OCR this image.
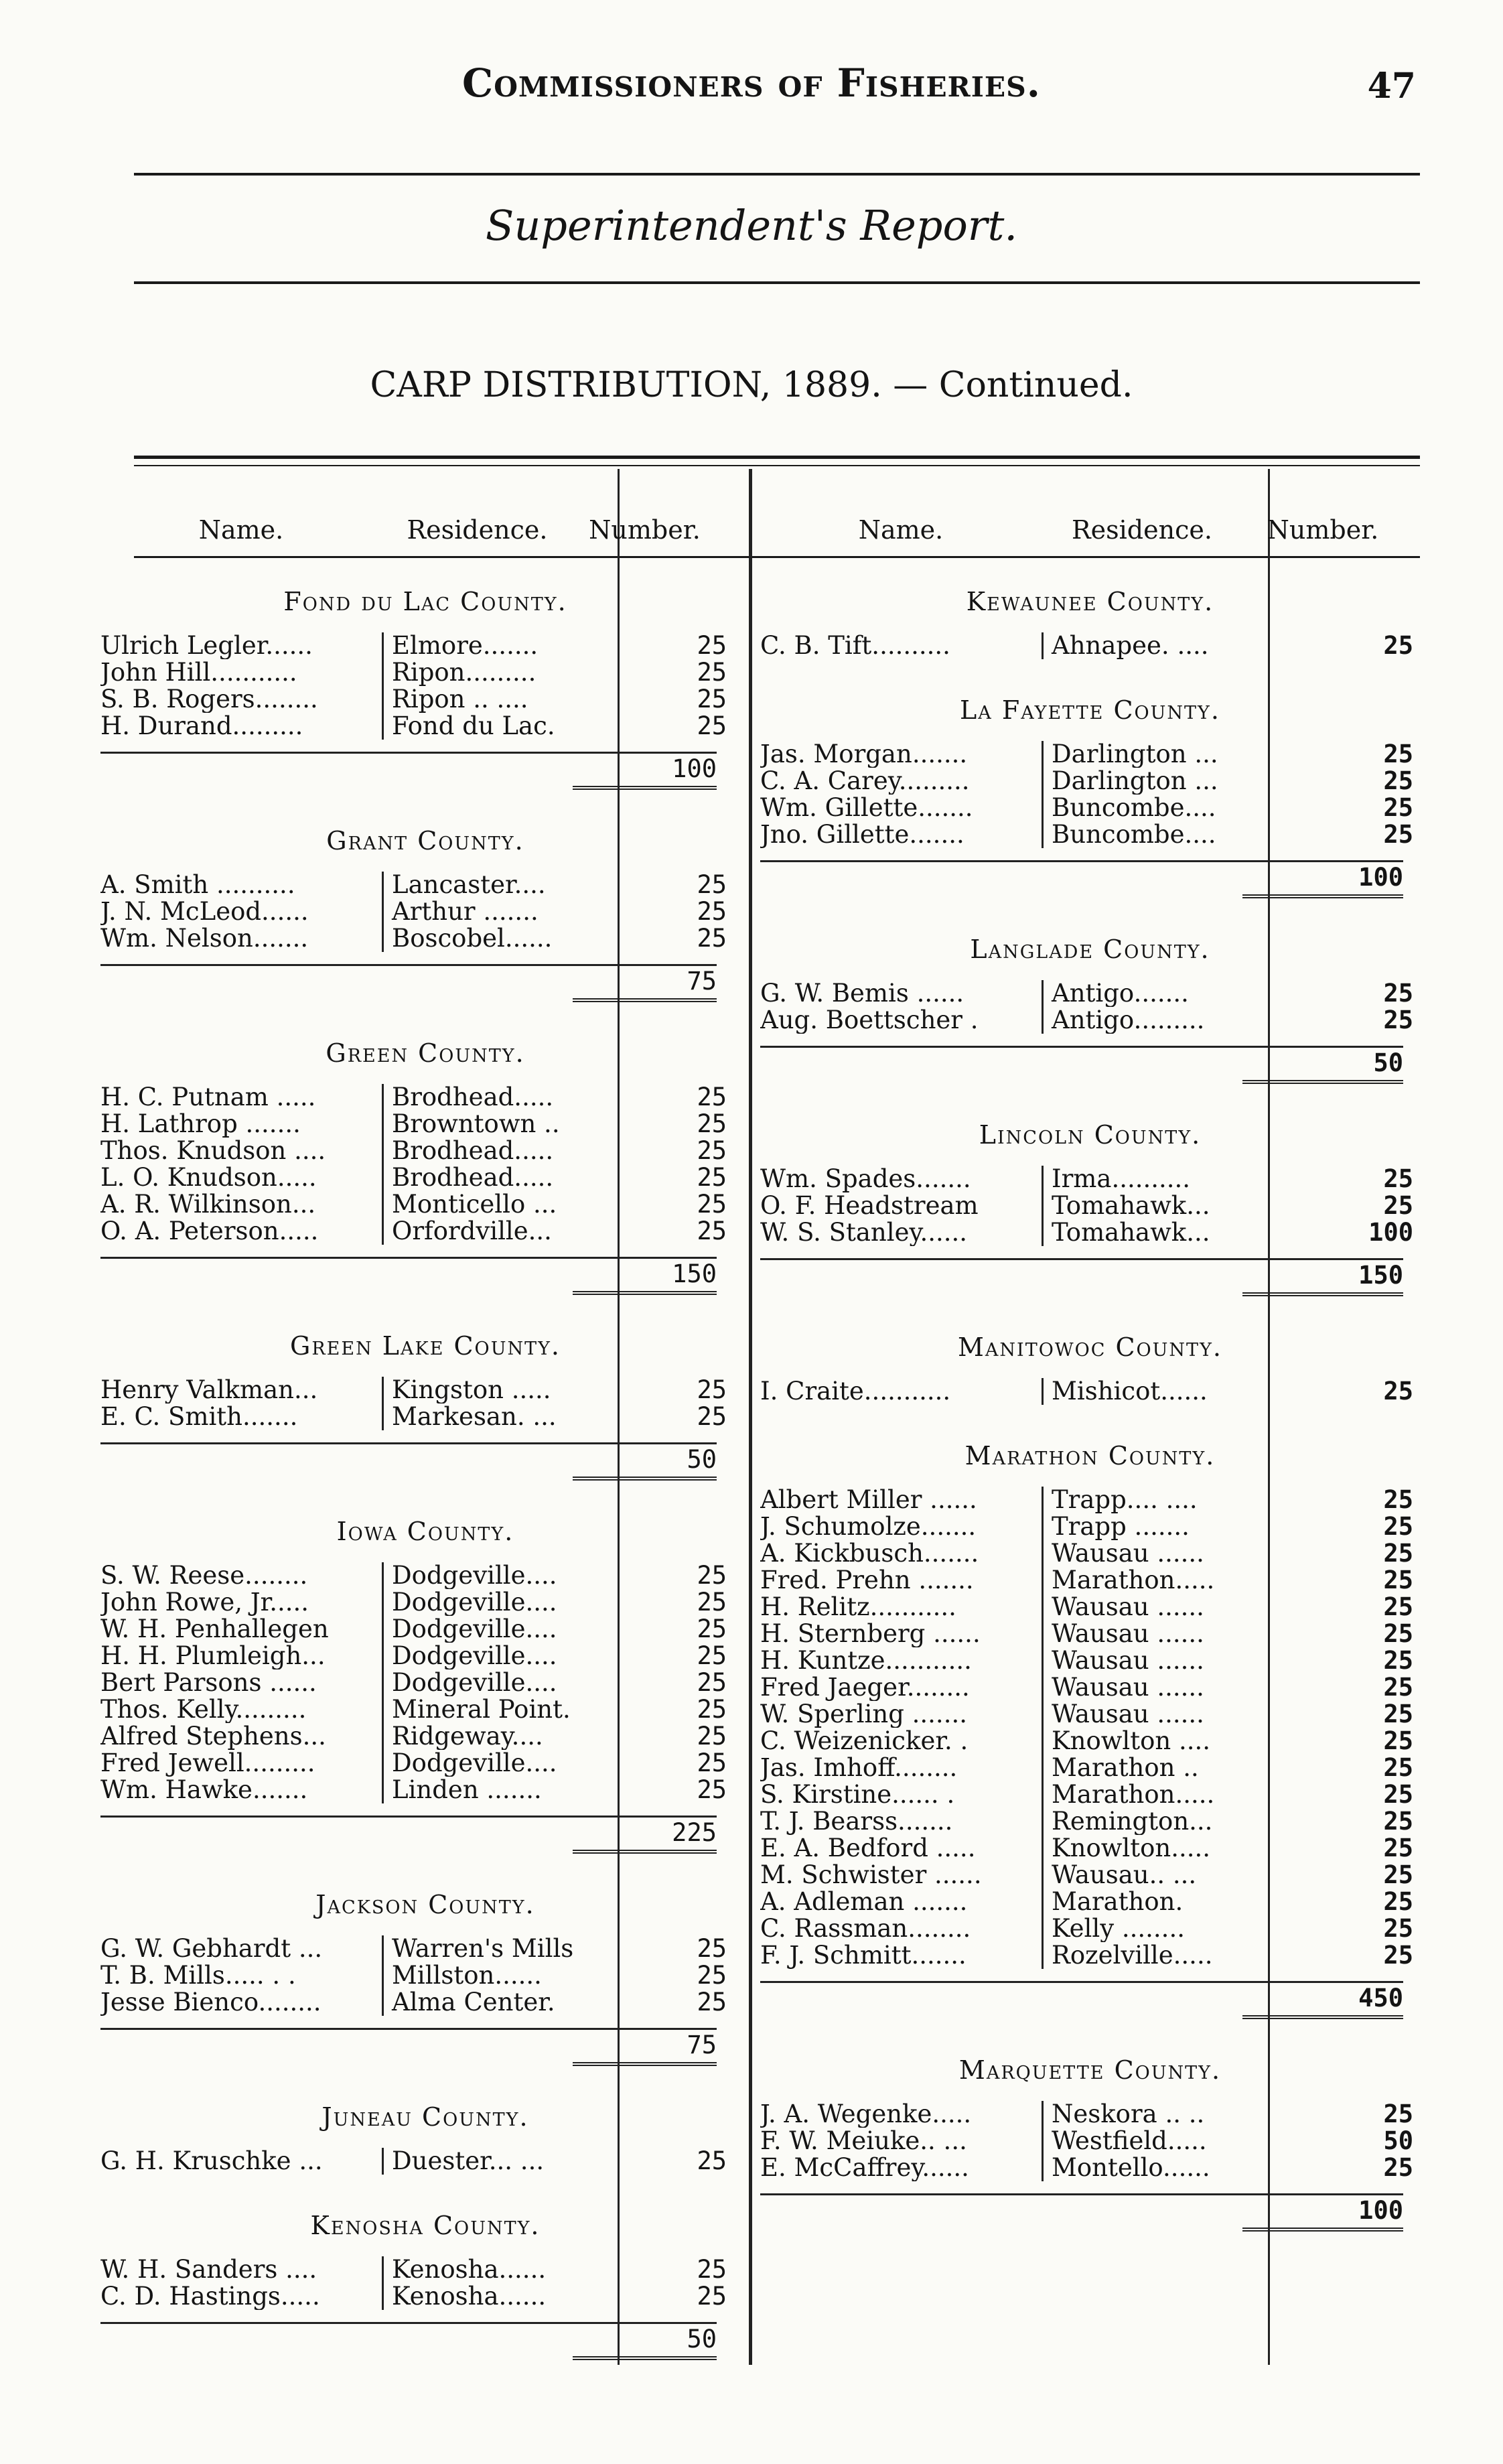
Commissioners of Fisheries.	47
Superintendent's Report.
CARP DISTRIBUTION, 1889. — Continued.
Name.	Residence.	Number.
Fond du Lac County.
Ulrich Legler......	Elmore.......	25
John Hill...........	Ripon.........	25
S. B. Rogers........	Ripon .. ....	25
H. Durand.........	Fond du Lac.	25
100
Grant County.
A. Smith ..........	Lancaster....	25
J. N. McLeod......	Arthur .......	25
Wm. Nelson.......	Boscobel......	25
75
Green County.
H. C. Putnam .....	Brodhead.....	25
H. Lathrop .......	Browntown ..	25
Thos. Knudson ....	Brodhead.....	25
L. O. Knudson.....	Brodhead.....	25
A. R. Wilkinson...	Monticello ...	25
O. A. Peterson.....	Orfordville...	25
150
Green Lake County.
Henry Valkman...	Kingston .....	25
E. C. Smith.......	Markesan. ...	25
50
Iowa County.
S. W. Reese........	Dodgeville....	25
John Rowe, Jr.....	Dodgeville....	25
W. H. Penhallegen	Dodgeville....	25
H. H. Plumleigh...	Dodgeville....	25
Bert Parsons ......	Dodgeville....	25
Thos. Kelly.........	Mineral Point.	25
Alfred Stephens...	Ridgeway....	25
Fred Jewell.........	Dodgeville....	25
Wm. Hawke.......	Linden .......	25
225
Jackson County.
G. W. Gebhardt ...	Warren's Mills	25
T. B. Mills..... . .	Millston......	25
Jesse Bienco........	Alma Center.	25
75
Juneau County.
G. H. Kruschke ...	Duester... ...	25
Kenosha County.
W. H. Sanders ....	Kenosha......	25
C. D. Hastings.....	Kenosha......	25
50
Name.	Residence.	Number.
Kewaunee County.
C. B. Tift..........	Ahnapee. ....	25
La Fayette County.
Jas. Morgan.......	Darlington ...	25
C. A. Carey.........	Darlington ...	25
Wm. Gillette.......	Buncombe....	25
Jno. Gillette.......	Buncombe....	25
100
Langlade County.
G. W. Bemis ......	Antigo.......	25
Aug. Boettscher .	Antigo.........	25
50
Lincoln County.
Wm. Spades.......	Irma..........	25
O. F. Headstream	Tomahawk...	25
W. S. Stanley......	Tomahawk...	100
150
Manitowoc County.
I. Craite...........	Mishicot......	25
Marathon County.
Albert Miller ......	Trapp.... ....	25
J. Schumolze.......	Trapp .......	25
A. Kickbusch.......	Wausau ......	25
Fred. Prehn .......	Marathon.....	25
H. Relitz...........	Wausau ......	25
H. Sternberg ......	Wausau ......	25
H. Kuntze...........	Wausau ......	25
Fred Jaeger........	Wausau ......	25
W. Sperling .......	Wausau ......	25
C. Weizenicker. .	Knowlton ....	25
Jas. Imhoff........	Marathon ..	25
S. Kirstine...... .	Marathon.....	25
T. J. Bearss.......	Remington...	25
E. A. Bedford .....	Knowlton.....	25
M. Schwister ......	Wausau.. ...	25
A. Adleman .......	Marathon.	25
C. Rassman........	Kelly ........	25
F. J. Schmitt.......	Rozelville.....	25
450
Marquette County.
J. A. Wegenke.....	Neskora .. ..	25
F. W. Meiuke.. ...	Westfield.....	50
E. McCaffrey......	Montello......	25
100
